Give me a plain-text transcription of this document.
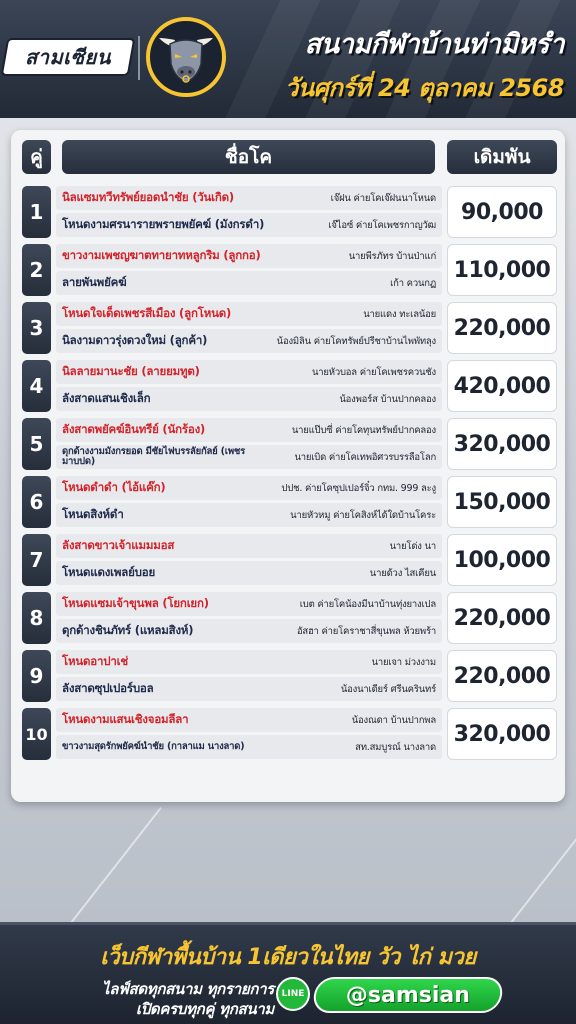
สามเซียน	สนามกีฬาบ้านท่ามิหรำ
วันศุกร์ที่ 24 ตุลาคม 2568
คู่	ชื่อโค	เดิมพัน
1
นิลแซมทวีทรัพย์ยอดนำชัย (วันเกิด)	เจ๊ฝน ค่ายโคเจ๊ฝนนาโหนด
โหนดงามศรนารายพรายพยัคฆ์ (มังกรดำ)	เจ๊ไอซ์ ค่ายโคเพชรกาญวัฒ
90,000
2
ขาวงามเพชญฆาตทายาทหลูกริม (ลูกกอ)	นายพีรภัทร บ้านป่าแก่
ลายพันพยัคฆ์	เก้า ควนกฏ
110,000
3
โหนดใจเด็ดเพชรสีเมือง (ลูกโหนด)	นายแดง ทะเลน้อย
นิลงามดาวรุ่งดวงใหม่ (ลูกค้า)	น้องมิลิน ค่ายโคทรัพย์ปรีชาบ้านไพพัทลุง
220,000
4
นิลลายมานะชัย (ลายยมทูต)	นายหัวบอล ค่ายโคเพชรควนชัง
ลังสาดแสนเชิงเล็ก	น้องพอร์ส บ้านปากคลอง
420,000
5
ลังสาดพยัคฆ์อินทรีย์ (นักร้อง)	นายแป๊บซี่ ค่ายโคทุนทรัพย์ปากคลอง
ดุกด้างงามมังกรยอด มีชัยไฟบรรลัยกัลย์ (เพชรมาบปด)	นายเบิด ค่ายโคเทพอิศวรบรรลือโลก
320,000
6
โหนดดำดำ (ไอ้แค๊ก)	ปปช. ค่ายโคซุปเปอร์จิ๋ว กทม. 999 ละงู
โหนดสิงห์ดำ	นายหัวหมู ค่ายโคสิงห์ได้ใดบ้านโคระ
150,000
7
ลังสาดขาวเจ้าแมมมอส	นายโด่ง นา
โหนดแดงเพลย์บอย	นายด้วง ไสเคียน
100,000
8
โหนดแซมเจ้าขุนพล (โยกเยก)	เบต ค่ายโคน้องมีนาบ้านทุ่งยางเปล
ดุกด้างชินภัทร์ (แหลมสิงห์)	อัสฮา ค่ายโคราชาสี่ขุนพล ห้วยพร้า
220,000
9
โหนดอาปาเช่	นายเจา ม่วงงาม
ลังสาดซุปเปอร์บอล	น้องนาเดียร์ ศรีนครินทร์
220,000
10
โหนดงามแสนเชิงจอมลีลา	น้องณดา บ้านปากพล
ขาวงามสุดรักพยัคฆ์นำชัย (กาลาแม นางลาด)	สท.สมบูรณ์ นางลาด
320,000
เว็บกีฬาพื้นบ้าน 1เดียวในไทย วัว ไก่ มวย
ไลฟ์สดทุกสนาม ทุกรายการ
เปิดครบทุกคู่ ทุกสนาม
LINE @samsian
